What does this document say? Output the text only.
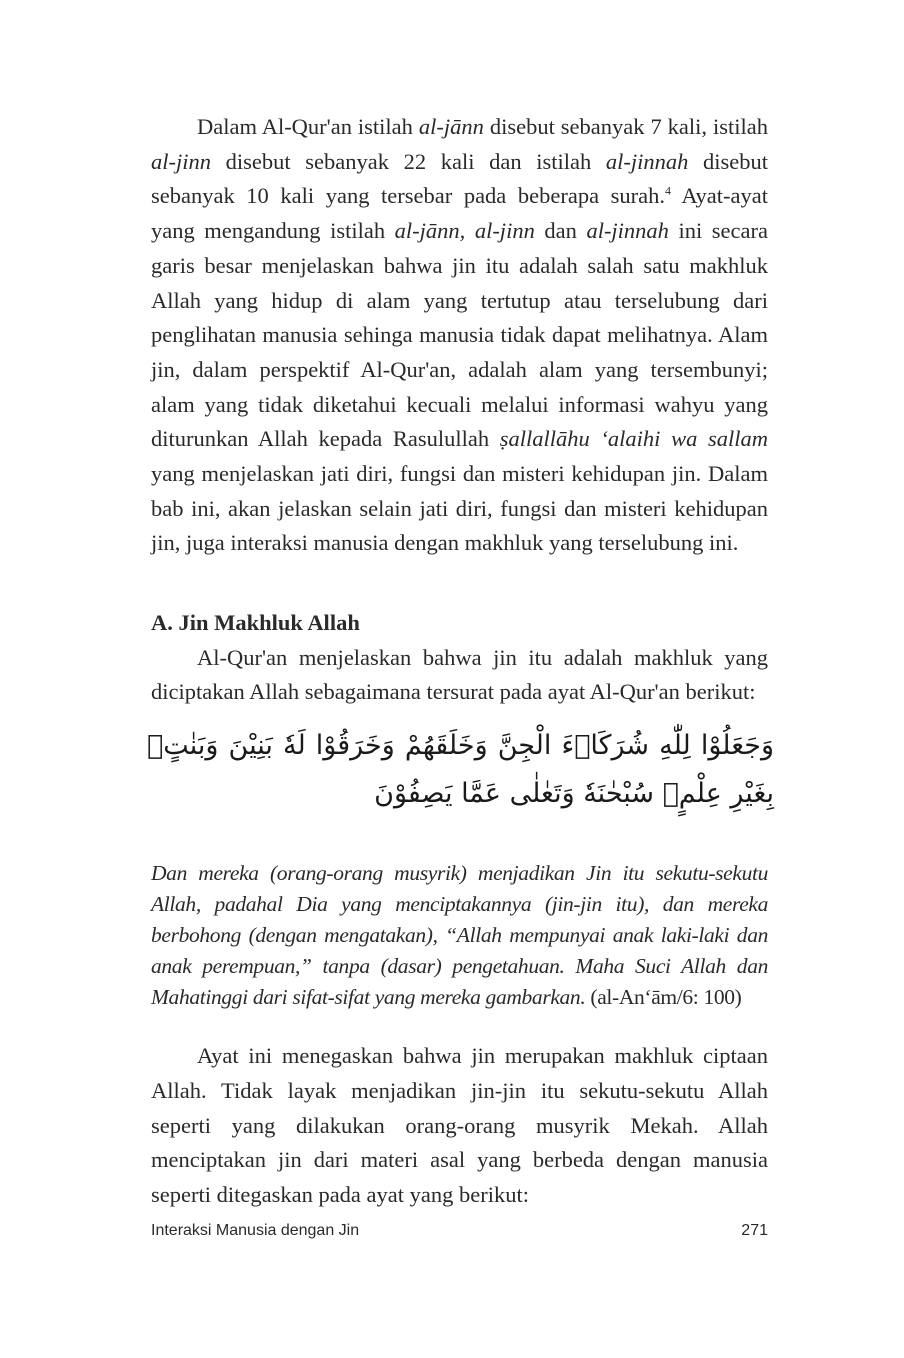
Dalam Al-Qur'an istilah al-jānn disebut sebanyak 7 kali, istilah al-jinn disebut sebanyak 22 kali dan istilah al-jinnah disebut sebanyak 10 kali yang tersebar pada beberapa surah.$^4$ Ayat-ayat yang mengandung istilah al-jānn, al-jinn dan al-jinnah ini secara garis besar menjelaskan bahwa jin itu adalah salah satu makhluk Allah yang hidup di alam yang tertutup atau terselubung dari penglihatan manusia sehinga manusia tidak dapat melihatnya. Alam jin, dalam perspektif Al-Qur'an, adalah alam yang tersembunyi; alam yang tidak diketahui kecuali melalui informasi wahyu yang diturunkan Allah kepada Rasulullah ṣallallāhu ‘alaihi wa sallam yang menjelaskan jati diri, fungsi dan misteri kehidupan jin. Dalam bab ini, akan jelaskan selain jati diri, fungsi dan misteri kehidupan jin, juga interaksi manusia dengan makhluk yang terselubung ini.

A. Jin Makhluk Allah

Al-Qur'an menjelaskan bahwa jin itu adalah makhluk yang diciptakan Allah sebagaimana tersurat pada ayat Al-Qur'an berikut:

وَجَعَلُوْا لِلّٰهِ شُرَكَاۤءَ الْجِنَّ وَخَلَقَهُمْ وَخَرَقُوْا لَهٗ بَنِيْنَ وَبَنٰتٍۢ بِغَيْرِ عِلْمٍۗ سُبْحٰنَهٗ وَتَعٰلٰى عَمَّا يَصِفُوْنَ

Dan mereka (orang-orang musyrik) menjadikan Jin itu sekutu-sekutu Allah, padahal Dia yang menciptakannya (jin-jin itu), dan mereka berbohong (dengan mengatakan), “Allah mempunyai anak laki-laki dan anak perempuan,” tanpa (dasar) pengetahuan. Maha Suci Allah dan Mahatinggi dari sifat-sifat yang mereka gambarkan. (al-An‘ām/6: 100)

Ayat ini menegaskan bahwa jin merupakan makhluk ciptaan Allah. Tidak layak menjadikan jin-jin itu sekutu-sekutu Allah seperti yang dilakukan orang-orang musyrik Mekah. Allah menciptakan jin dari materi asal yang berbeda dengan manusia seperti ditegaskan pada ayat yang berikut:

Interaksi Manusia dengan Jin	271
